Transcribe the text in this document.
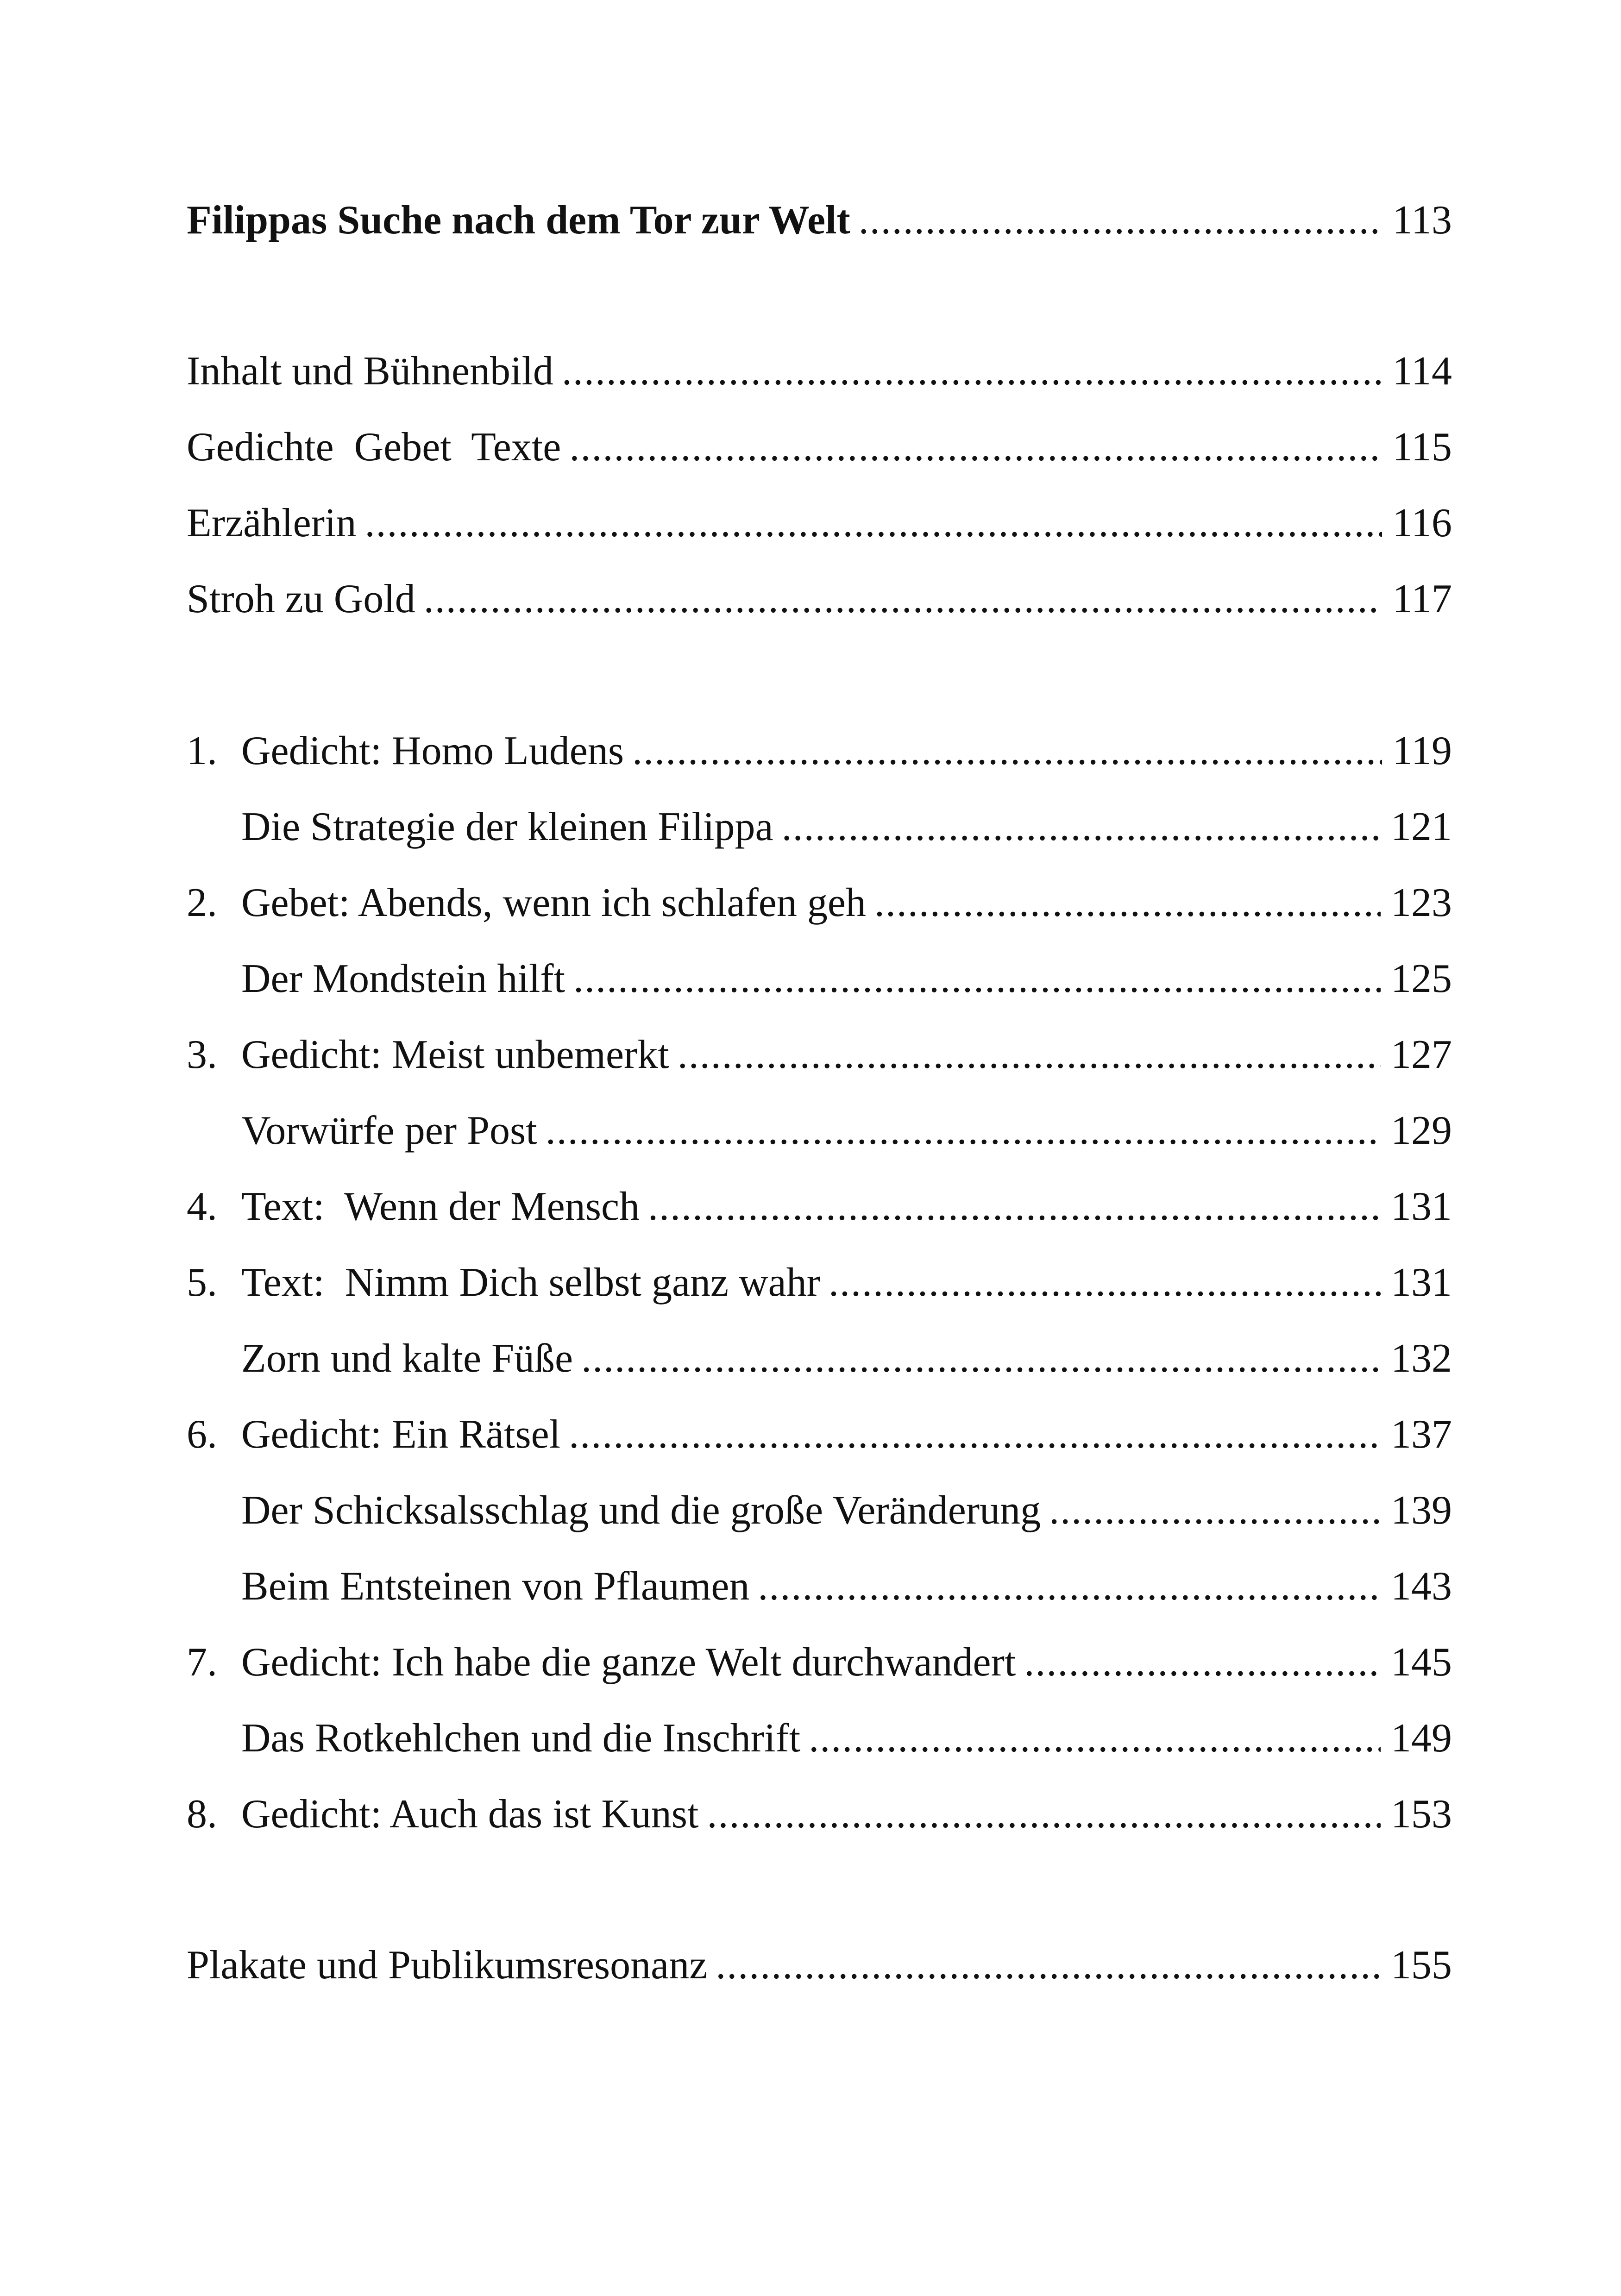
Filippas Suche nach dem Tor zur Welt .....	113
Inhalt und Bühnenbild .....	114
Gedichte  Gebet  Texte .....	115
Erzählerin .....	116
Stroh zu Gold .....	117
1. Gedicht: Homo Ludens .....	119
Die Strategie der kleinen Filippa .....	121
2. Gebet: Abends, wenn ich schlafen geh .....	123
Der Mondstein hilft .....	125
3. Gedicht: Meist unbemerkt .....	127
Vorwürfe per Post .....	129
4. Text:  Wenn der Mensch .....	131
5. Text:  Nimm Dich selbst ganz wahr .....	131
Zorn und kalte Füße .....	132
6. Gedicht: Ein Rätsel .....	137
Der Schicksalsschlag und die große Veränderung .....	139
Beim Entsteinen von Pflaumen .....	143
7. Gedicht: Ich habe die ganze Welt durchwandert .....	145
Das Rotkehlchen und die Inschrift .....	149
8. Gedicht: Auch das ist Kunst .....	153
Plakate und Publikumsresonanz .....	155
